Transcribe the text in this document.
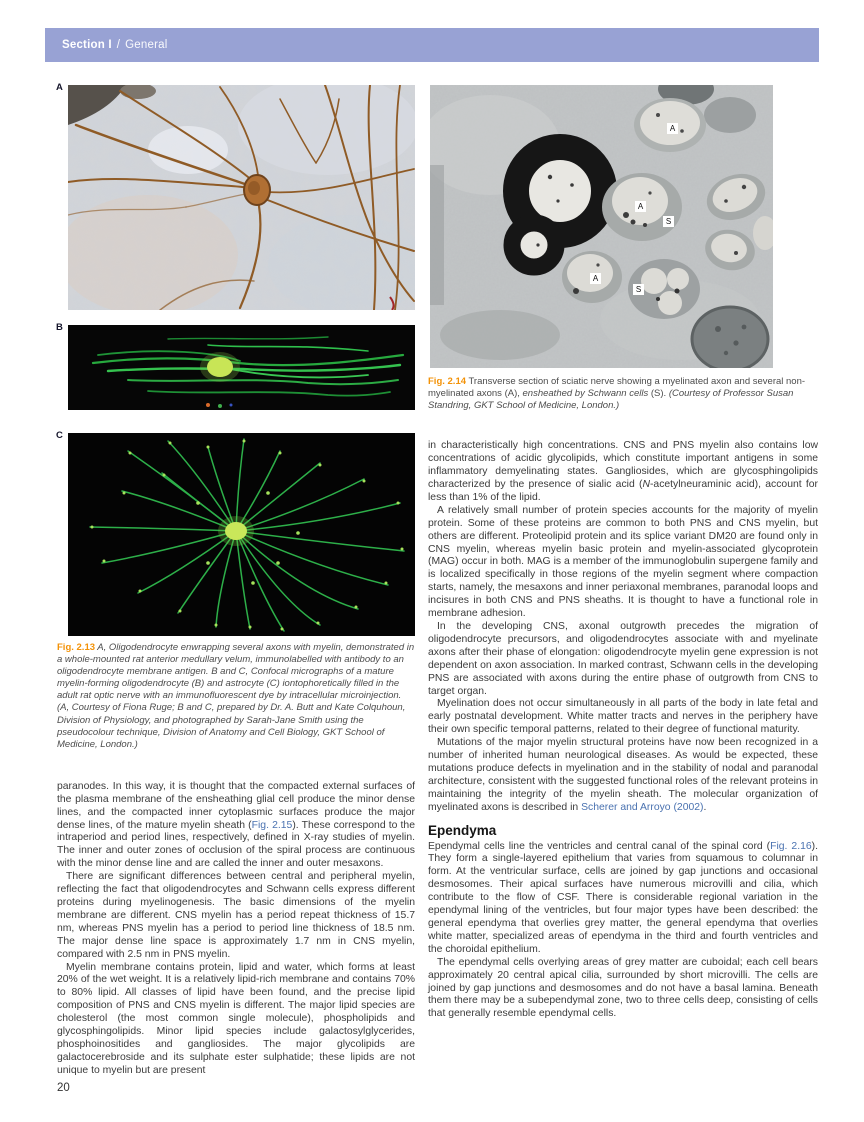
Section I / General
A
B
C

Fig. 2.13 A, Oligodendrocyte enwrapping several axons with myelin, demonstrated in a whole-mounted rat anterior medullary velum, immunolabelled with antibody to an oligodendrocyte membrane antigen. B and C, Confocal micrographs of a mature myelin-forming oligodendrocyte (B) and astrocyte (C) iontophoretically filled in the adult rat optic nerve with an immunofluorescent dye by intracellular microinjection. (A, Courtesy of Fiona Ruge; B and C, prepared by Dr. A. Butt and Kate Colquhoun, Division of Physiology, and photographed by Sarah-Jane Smith using the pseudocolour technique, Division of Anatomy and Cell Biology, GKT School of Medicine, London.)

paranodes. In this way, it is thought that the compacted external surfaces of the plasma membrane of the ensheathing glial cell produce the minor dense lines, and the compacted inner cytoplasmic surfaces produce the major dense lines, of the mature myelin sheath (Fig. 2.15). These correspond to the intraperiod and period lines, respectively, defined in X-ray studies of myelin. The inner and outer zones of occlusion of the spiral process are continuous with the minor dense line and are called the inner and outer mesaxons.

There are significant differences between central and peripheral myelin, reflecting the fact that oligodendrocytes and Schwann cells express different proteins during myelinogenesis. The basic dimensions of the myelin membrane are different. CNS myelin has a period repeat thickness of 15.7 nm, whereas PNS myelin has a period to period line thickness of 18.5 nm. The major dense line space is approximately 1.7 nm in CNS myelin, compared with 2.5 nm in PNS myelin.

Myelin membrane contains protein, lipid and water, which forms at least 20% of the wet weight. It is a relatively lipid-rich membrane and contains 70% to 80% lipid. All classes of lipid have been found, and the precise lipid composition of PNS and CNS myelin is different. The major lipid species are cholesterol (the most common single molecule), phospholipids and glycosphingolipids. Minor lipid species include galactosylglycerides, phosphoinositides and gangliosides. The major glycolipids are galactocerebroside and its sulphate ester sulphatide; these lipids are not unique to myelin but are present

A
A
S
A
S

Fig. 2.14 Transverse section of sciatic nerve showing a myelinated axon and several non-myelinated axons (A), ensheathed by Schwann cells (S). (Courtesy of Professor Susan Standring, GKT School of Medicine, London.)

in characteristically high concentrations. CNS and PNS myelin also contains low concentrations of acidic glycolipids, which constitute important antigens in some inflammatory demyelinating states. Gangliosides, which are glycosphingolipids characterized by the presence of sialic acid (N-acetylneuraminic acid), account for less than 1% of the lipid.

A relatively small number of protein species accounts for the majority of myelin protein. Some of these proteins are common to both PNS and CNS myelin, but others are different. Proteolipid protein and its splice variant DM20 are found only in CNS myelin, whereas myelin basic protein and myelin-associated glycoprotein (MAG) occur in both. MAG is a member of the immunoglobulin supergene family and is localized specifically in those regions of the myelin segment where compaction starts, namely, the mesaxons and inner periaxonal membranes, paranodal loops and incisures in both CNS and PNS sheaths. It is thought to have a functional role in membrane adhesion.

In the developing CNS, axonal outgrowth precedes the migration of oligodendrocyte precursors, and oligodendrocytes associate with and myelinate axons after their phase of elongation: oligodendrocyte myelin gene expression is not dependent on axon association. In marked contrast, Schwann cells in the developing PNS are associated with axons during the entire phase of outgrowth from CNS to target organ.

Myelination does not occur simultaneously in all parts of the body in late fetal and early postnatal development. White matter tracts and nerves in the periphery have their own specific temporal patterns, related to their degree of functional maturity.

Mutations of the major myelin structural proteins have now been recognized in a number of inherited human neurological diseases. As would be expected, these mutations produce defects in myelination and in the stability of nodal and paranodal architecture, consistent with the suggested functional roles of the relevant proteins in maintaining the integrity of the myelin sheath. The molecular organization of myelinated axons is described in Scherer and Arroyo (2002).

Ependyma

Ependymal cells line the ventricles and central canal of the spinal cord (Fig. 2.16). They form a single-layered epithelium that varies from squamous to columnar in form. At the ventricular surface, cells are joined by gap junctions and occasional desmosomes. Their apical surfaces have numerous microvilli and cilia, which contribute to the flow of CSF. There is considerable regional variation in the ependymal lining of the ventricles, but four major types have been described: the general ependyma that overlies grey matter, the general ependyma that overlies white matter, specialized areas of ependyma in the third and fourth ventricles and the choroidal epithelium.

The ependymal cells overlying areas of grey matter are cuboidal; each cell bears approximately 20 central apical cilia, surrounded by short microvilli. The cells are joined by gap junctions and desmosomes and do not have a basal lamina. Beneath them there may be a subependymal zone, two to three cells deep, consisting of cells that generally resemble ependymal cells.

20
